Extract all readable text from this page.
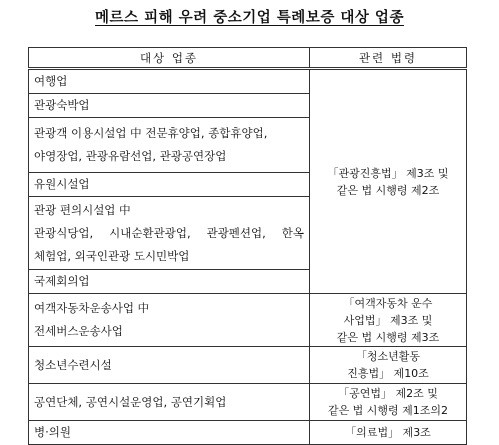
메르스 피해 우려 중소기업 특례보증 대상 업종
대상 업종	관련 법령

여행업	「관광진흥법」 제3조 및
같은 법 시행령 제2조

관광숙박업	

관광객 이용시설업 中 전문휴양업, 종합휴양업,
야영장업, 관광유람선업, 관광공연장업	

유원시설업	

관광 편의시설업 中
관광식당업, 시내순환관광업, 관광펜션업, 한옥
체험업, 외국인관광 도시민박업	

국제회의업	

여객자동차운송사업 中
전세버스운송사업	「여객자동차 운수
사업법」 제3조 및
같은 법 시행령 제3조

청소년수련시설	「청소년활동
진흥법」 제10조

공연단체, 공연시설운영업, 공연기획업	「공연법」 제2조 및
같은 법 시행령 제1조의2

병·의원	「의료법」 제3조
